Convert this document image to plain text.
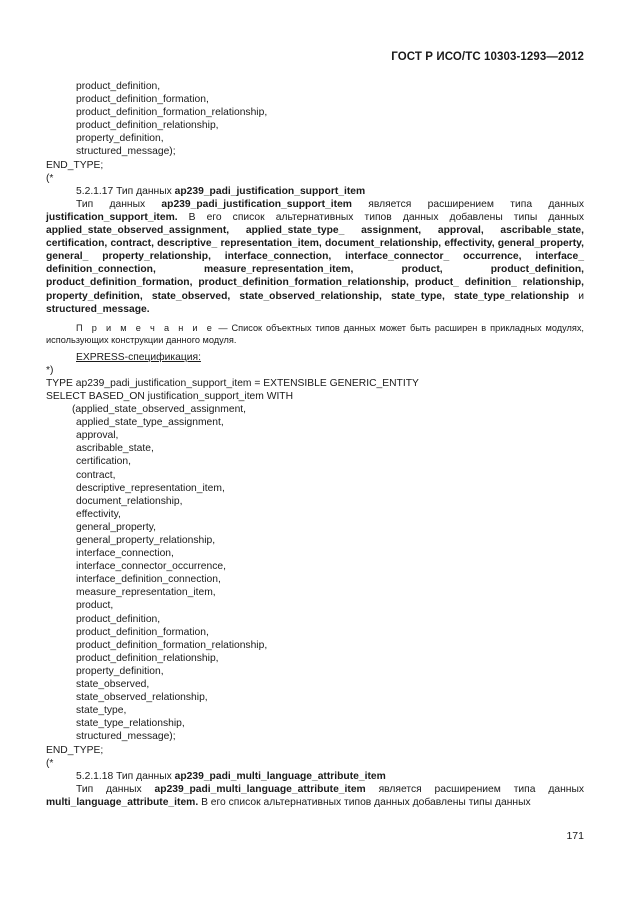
ГОСТ Р ИСО/ТС 10303-1293—2012
product_definition,
product_definition_formation,
product_definition_formation_relationship,
product_definition_relationship,
property_definition,
structured_message);
END_TYPE;
(*
5.2.1.17 Тип данных ap239_padi_justification_support_item
Тип данных ap239_padi_justification_support_item является расширением типа данных justification_support_item. В его список альтернативных типов данных добавлены типы данных applied_state_observed_assignment, applied_state_type_ assignment, approval, ascribable_state, certification, contract, descriptive_ representation_item, document_relationship, effectivity, general_property, general_ property_relationship, interface_connection, interface_connector_ occurrence, interface_ definition_connection, measure_representation_item, product, product_definition, product_definition_formation, product_definition_formation_relationship, product_ definition_ relationship, property_definition, state_observed, state_observed_relationship, state_type, state_type_relationship и structured_message.
П р и м е ч а н и е — Список объектных типов данных может быть расширен в прикладных модулях, использующих конструкции данного модуля.
EXPRESS-спецификация:
*)
TYPE ap239_padi_justification_support_item = EXTENSIBLE GENERIC_ENTITY
SELECT BASED_ON justification_support_item WITH
(applied_state_observed_assignment,
applied_state_type_assignment,
approval,
ascribable_state,
certification,
contract,
descriptive_representation_item,
document_relationship,
effectivity,
general_property,
general_property_relationship,
interface_connection,
interface_connector_occurrence,
interface_definition_connection,
measure_representation_item,
product,
product_definition,
product_definition_formation,
product_definition_formation_relationship,
product_definition_relationship,
property_definition,
state_observed,
state_observed_relationship,
state_type,
state_type_relationship,
structured_message);
END_TYPE;
(*
5.2.1.18 Тип данных ap239_padi_multi_language_attribute_item
Тип данных ap239_padi_multi_language_attribute_item является расширением типа данных multi_language_attribute_item. В его список альтернативных типов данных добавлены типы данных
171
